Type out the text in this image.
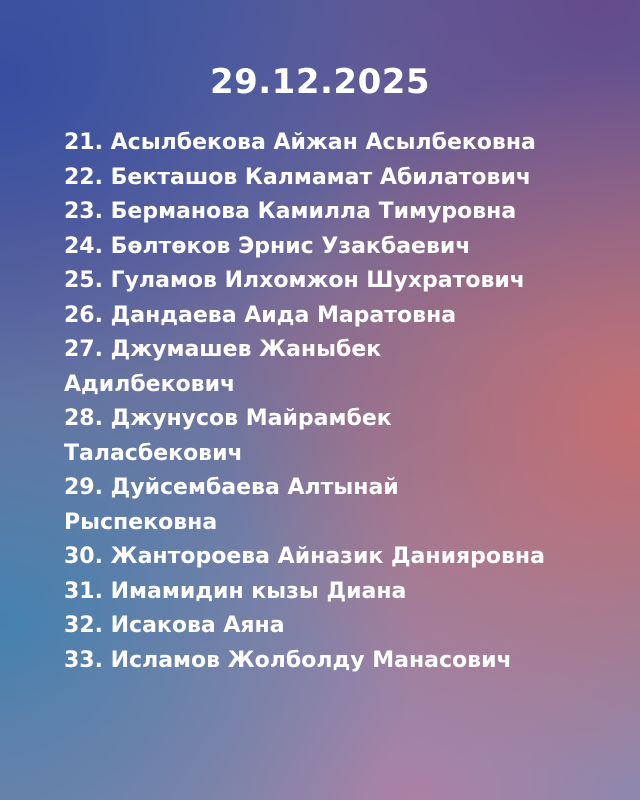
29.12.2025
21. Асылбекова Айжан Асылбековна
22. Бекташов Калмамат Абилатович
23. Берманова Камилла Тимуровна
24. Бөлтөков Эрнис Узакбаевич
25. Гуламов Илхомжон Шухратович
26. Дандаева Аида Маратовна
27. Джумашев Жаныбек
Адилбекович
28. Джунусов Майрамбек
Таласбекович
29. Дуйсембаева Алтынай
Рыспековна
30. Жантороева Айназик Данияровна
31. Имамидин кызы Диана
32. Исакова Аяна
33. Исламов Жолболду Манасович
